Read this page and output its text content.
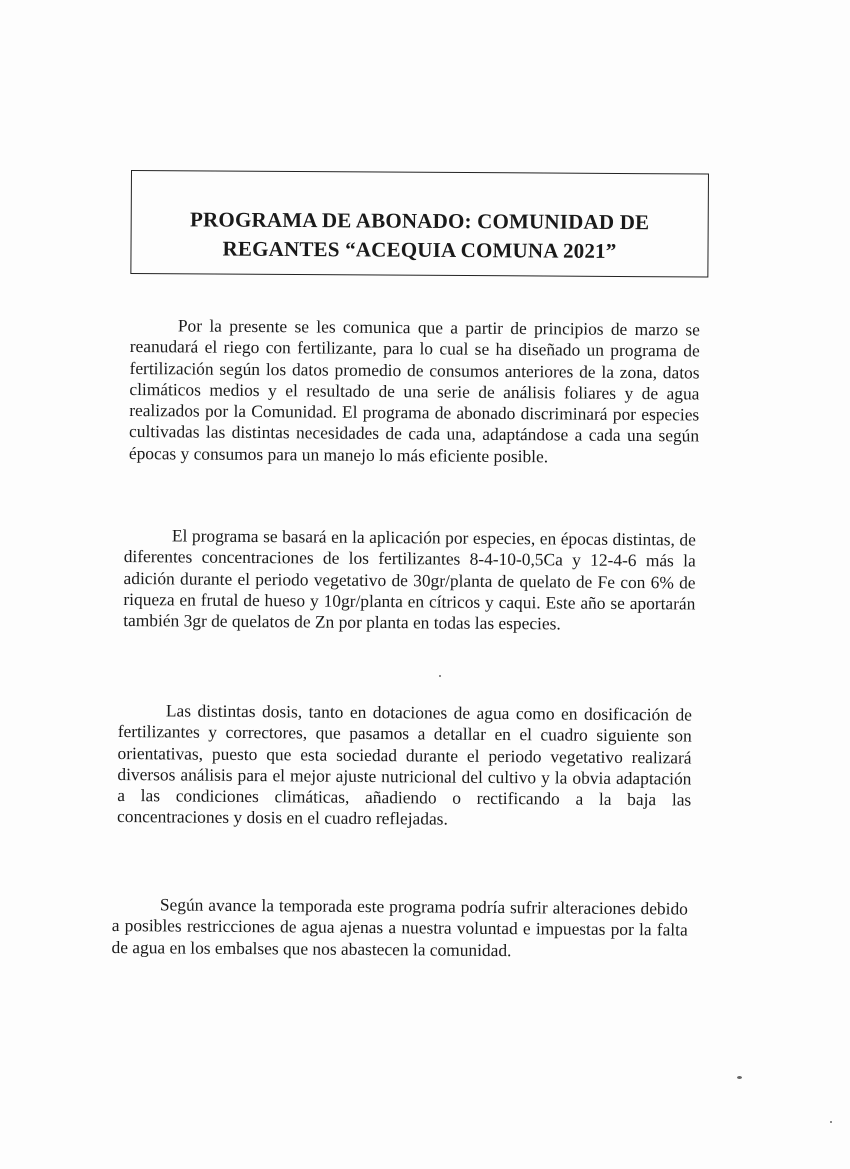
PROGRAMA DE ABONADO: COMUNIDAD DE
REGANTES “ACEQUIA COMUNA 2021”
Por la presente se les comunica que a partir de principios de marzo se reanudará el riego con fertilizante, para lo cual se ha diseñado un programa de fertilización según los datos promedio de consumos anteriores de la zona, datos climáticos medios y el resultado de una serie de análisis foliares y de agua realizados por la Comunidad. El programa de abonado discriminará por especies cultivadas las distintas necesidades de cada una, adaptándose a cada una según épocas y consumos para un manejo lo más eficiente posible.
El programa se basará en la aplicación por especies, en épocas distintas, de diferentes concentraciones de los fertilizantes 8-4-10-0,5Ca y 12-4-6 más la adición durante el periodo vegetativo de 30gr/planta de quelato de Fe con 6% de riqueza en frutal de hueso y 10gr/planta en cítricos y caqui. Este año se aportarán también 3gr de quelatos de Zn por planta en todas las especies.
Las distintas dosis, tanto en dotaciones de agua como en dosificación de fertilizantes y correctores, que pasamos a detallar en el cuadro siguiente son orientativas, puesto que esta sociedad durante el periodo vegetativo realizará diversos análisis para el mejor ajuste nutricional del cultivo y la obvia adaptación a las condiciones climáticas, añadiendo o rectificando a la baja las concentraciones y dosis en el cuadro reflejadas.
Según avance la temporada este programa podría sufrir alteraciones debido a posibles restricciones de agua ajenas a nuestra voluntad e impuestas por la falta de agua en los embalses que nos abastecen la comunidad.
